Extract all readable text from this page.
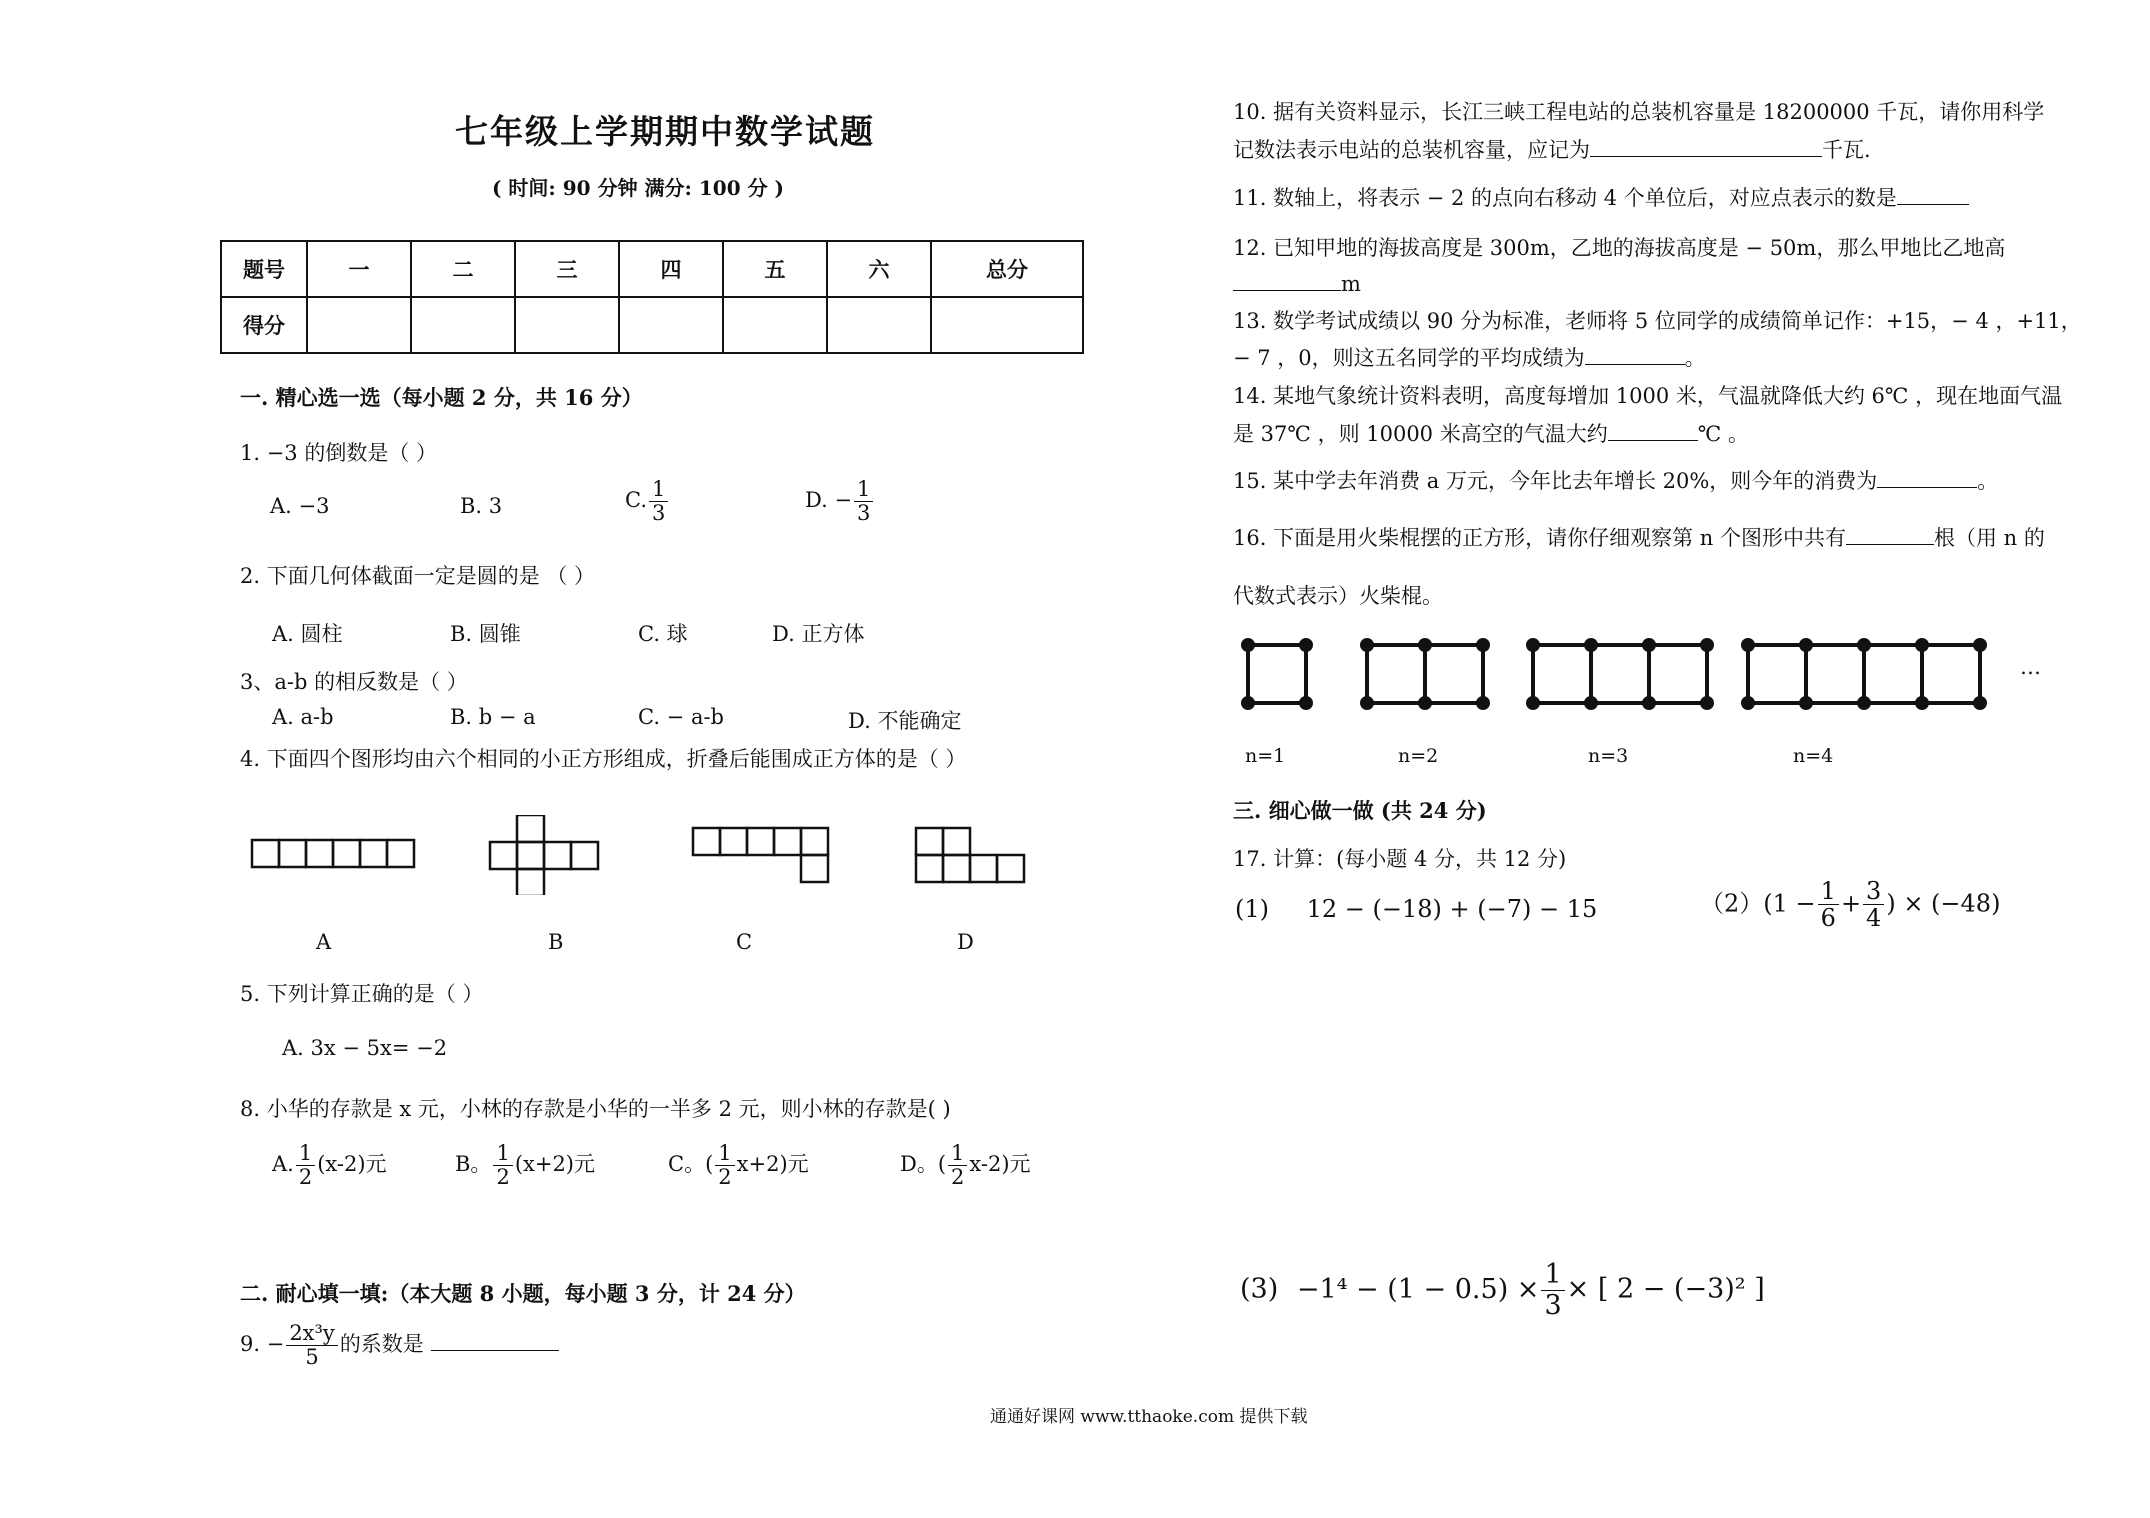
七年级上学期期中数学试题
( 时间: 90 分钟 满分: 100 分 )
题号	一	二	三	四	五	六	总分
得分							
一. 精心选一选（每小题 2 分，共 16 分）
1. −3 的倒数是（ ）
A. −3	B. 3	C. $\frac{1}{3}$	D. − $\frac{1}{3}$
2. 下面几何体截面一定是圆的是 （ ）
A. 圆柱	B. 圆锥	C. 球	D. 正方体
3、a-b 的相反数是（ ）
A. a-b	B. b − a	C. − a-b	D. 不能确定
4. 下面四个图形均由六个相同的小正方形组成，折叠后能围成正方体的是（ ）
A	B	C	D
5. 下列计算正确的是（ ）
A. 3x − 5x= −2
8. 小华的存款是 x 元，小林的存款是小华的一半多 2 元，则小林的存款是( )
A. $\frac{1}{2} (x-2)$元	B。 $\frac{1}{2} (x+2)$元	C。( $\frac{1}{2} x+2$)元	D。( $\frac{1}{2} x-2$)元
二. 耐心填一填:（本大题 8 小题，每小题 3 分，计 24 分）
9. − $\frac{\text{2x³y}}{5}$ 的系数是
10. 据有关资料显示，长江三峡工程电站的总装机容量是 18200000 千瓦，请你用科学
记数法表示电站的总装机容量，应记为	千瓦.
11. 数轴上，将表示 − 2 的点向右移动 4 个单位后，对应点表示的数是
12. 已知甲地的海拔高度是 300m，乙地的海拔高度是 − 50m，那么甲地比乙地高
m
13. 数学考试成绩以 90 分为标准，老师将 5 位同学的成绩简单记作：+15，− 4 ，+11，
− 7 ，0，则这五名同学的平均成绩为	。
14. 某地气象统计资料表明，高度每增加 1000 米，气温就降低大约 6℃ ，现在地面气温
是 37℃ ，则 10000 米高空的气温大约	℃ 。
15. 某中学去年消费 a 万元，今年比去年增长 20%，则今年的消费为	。
16. 下面是用火柴棍摆的正方形，请你仔细观察第 n 个图形中共有	根（用 n 的
代数式表示）火柴棍。
…
n=1	n=2	n=3	n=4
三. 细心做一做 (共 24 分)
17. 计算：(每小题 4 分，共 12 分)
(1) 12 − (−18) + (−7) − 15	$(2)(1 - \frac{1}{6} + \frac{3}{4}$ ) × (−48)
$(3) -1^4 - (1 - 0.5) \times \frac{1}{3}$ × [ 2 − (−3)² ]
通通好课网 www.tthaoke.com 提供下载
